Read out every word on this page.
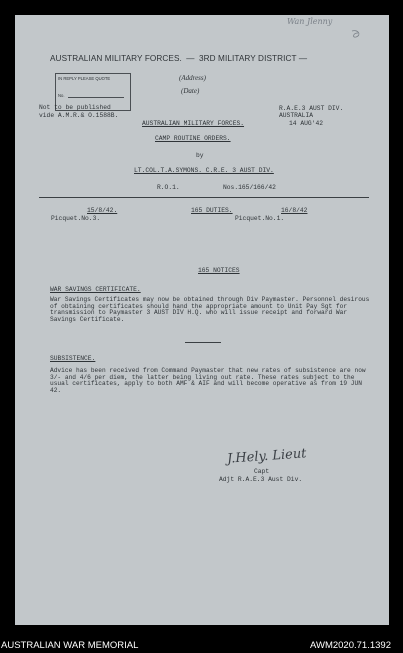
Wan Jlenny
AUSTRALIAN MILITARY FORCES. — 3RD MILITARY DISTRICT —
IN REPLY PLEASE QUOTE
No.
(Address)
(Date)
Not to be published
vide A.M.R.& O.1588B.
R.A.E.3 AUST DIV.
AUSTRALIA
14 AUG'42
AUSTRALIAN MILITARY FORCES.
CAMP ROUTINE ORDERS.
by
LT.COL.T.A.SYMONS. C.R.E. 3 AUST DIV.
R.O.1.	Nos.165/166/42
15/8/42.
Picquet.No.3.
165 DUTIES.	16/8/42
Picquet.No.1.
165 NOTICES
WAR SAVINGS CERTIFICATE.
War Savings Certificates may now be obtained through Div Paymaster. Personnel desirous of obtaining certificates should hand the appropriate amount to Unit Pay Sgt for transmission to Paymaster 3 AUST DIV H.Q. who will issue receipt and forward War Savings Certificate.
SUBSISTENCE.
Advice has been received from Command Paymaster that new rates of subsistence are now 3/- and 4/6 per diem, the latter being living out rate. These rates subject to the usual certificates, apply to both AMF & AIF and will become operative as from 19 JUN 42.
J.Hely. Lieut
Capt
Adjt R.A.E.3 Aust Div.
AUSTRALIAN WAR MEMORIAL	AWM2020.71.1392
